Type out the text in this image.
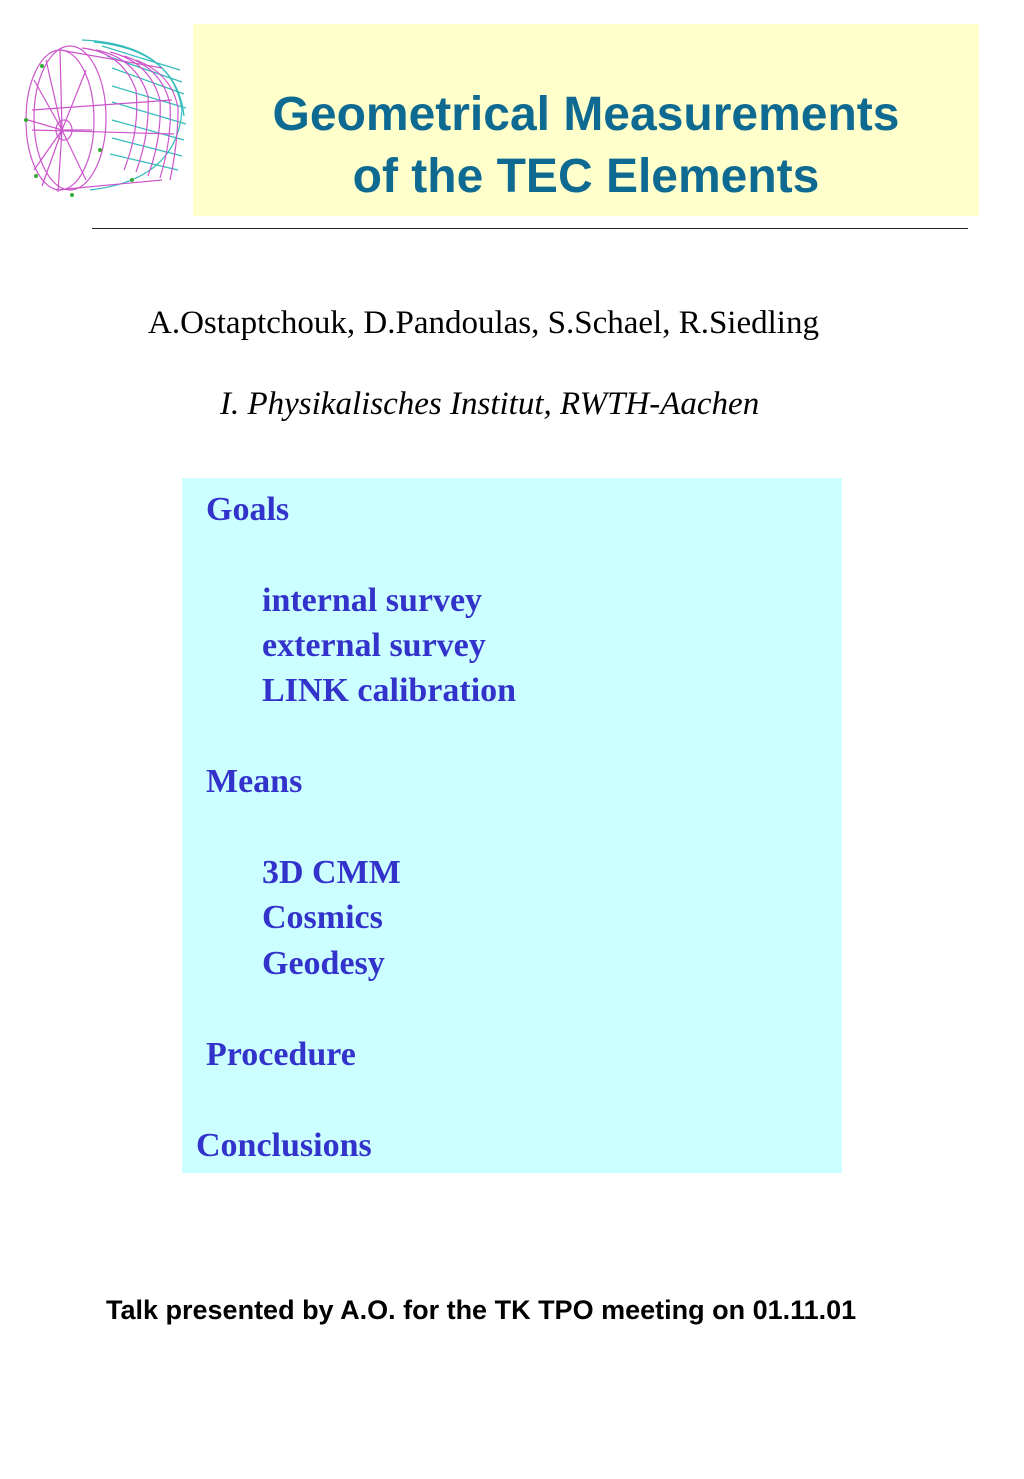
Geometrical Measurements
of the TEC Elements
A.Ostaptchouk, D.Pandoulas, S.Schael, R.Siedling
I. Physikalisches Institut, RWTH-Aachen
Goals
internal survey
external survey
LINK calibration
Means
3D CMM
Cosmics
Geodesy
Procedure
Conclusions
Talk presented by A.O. for the TK TPO meeting on 01.11.01
